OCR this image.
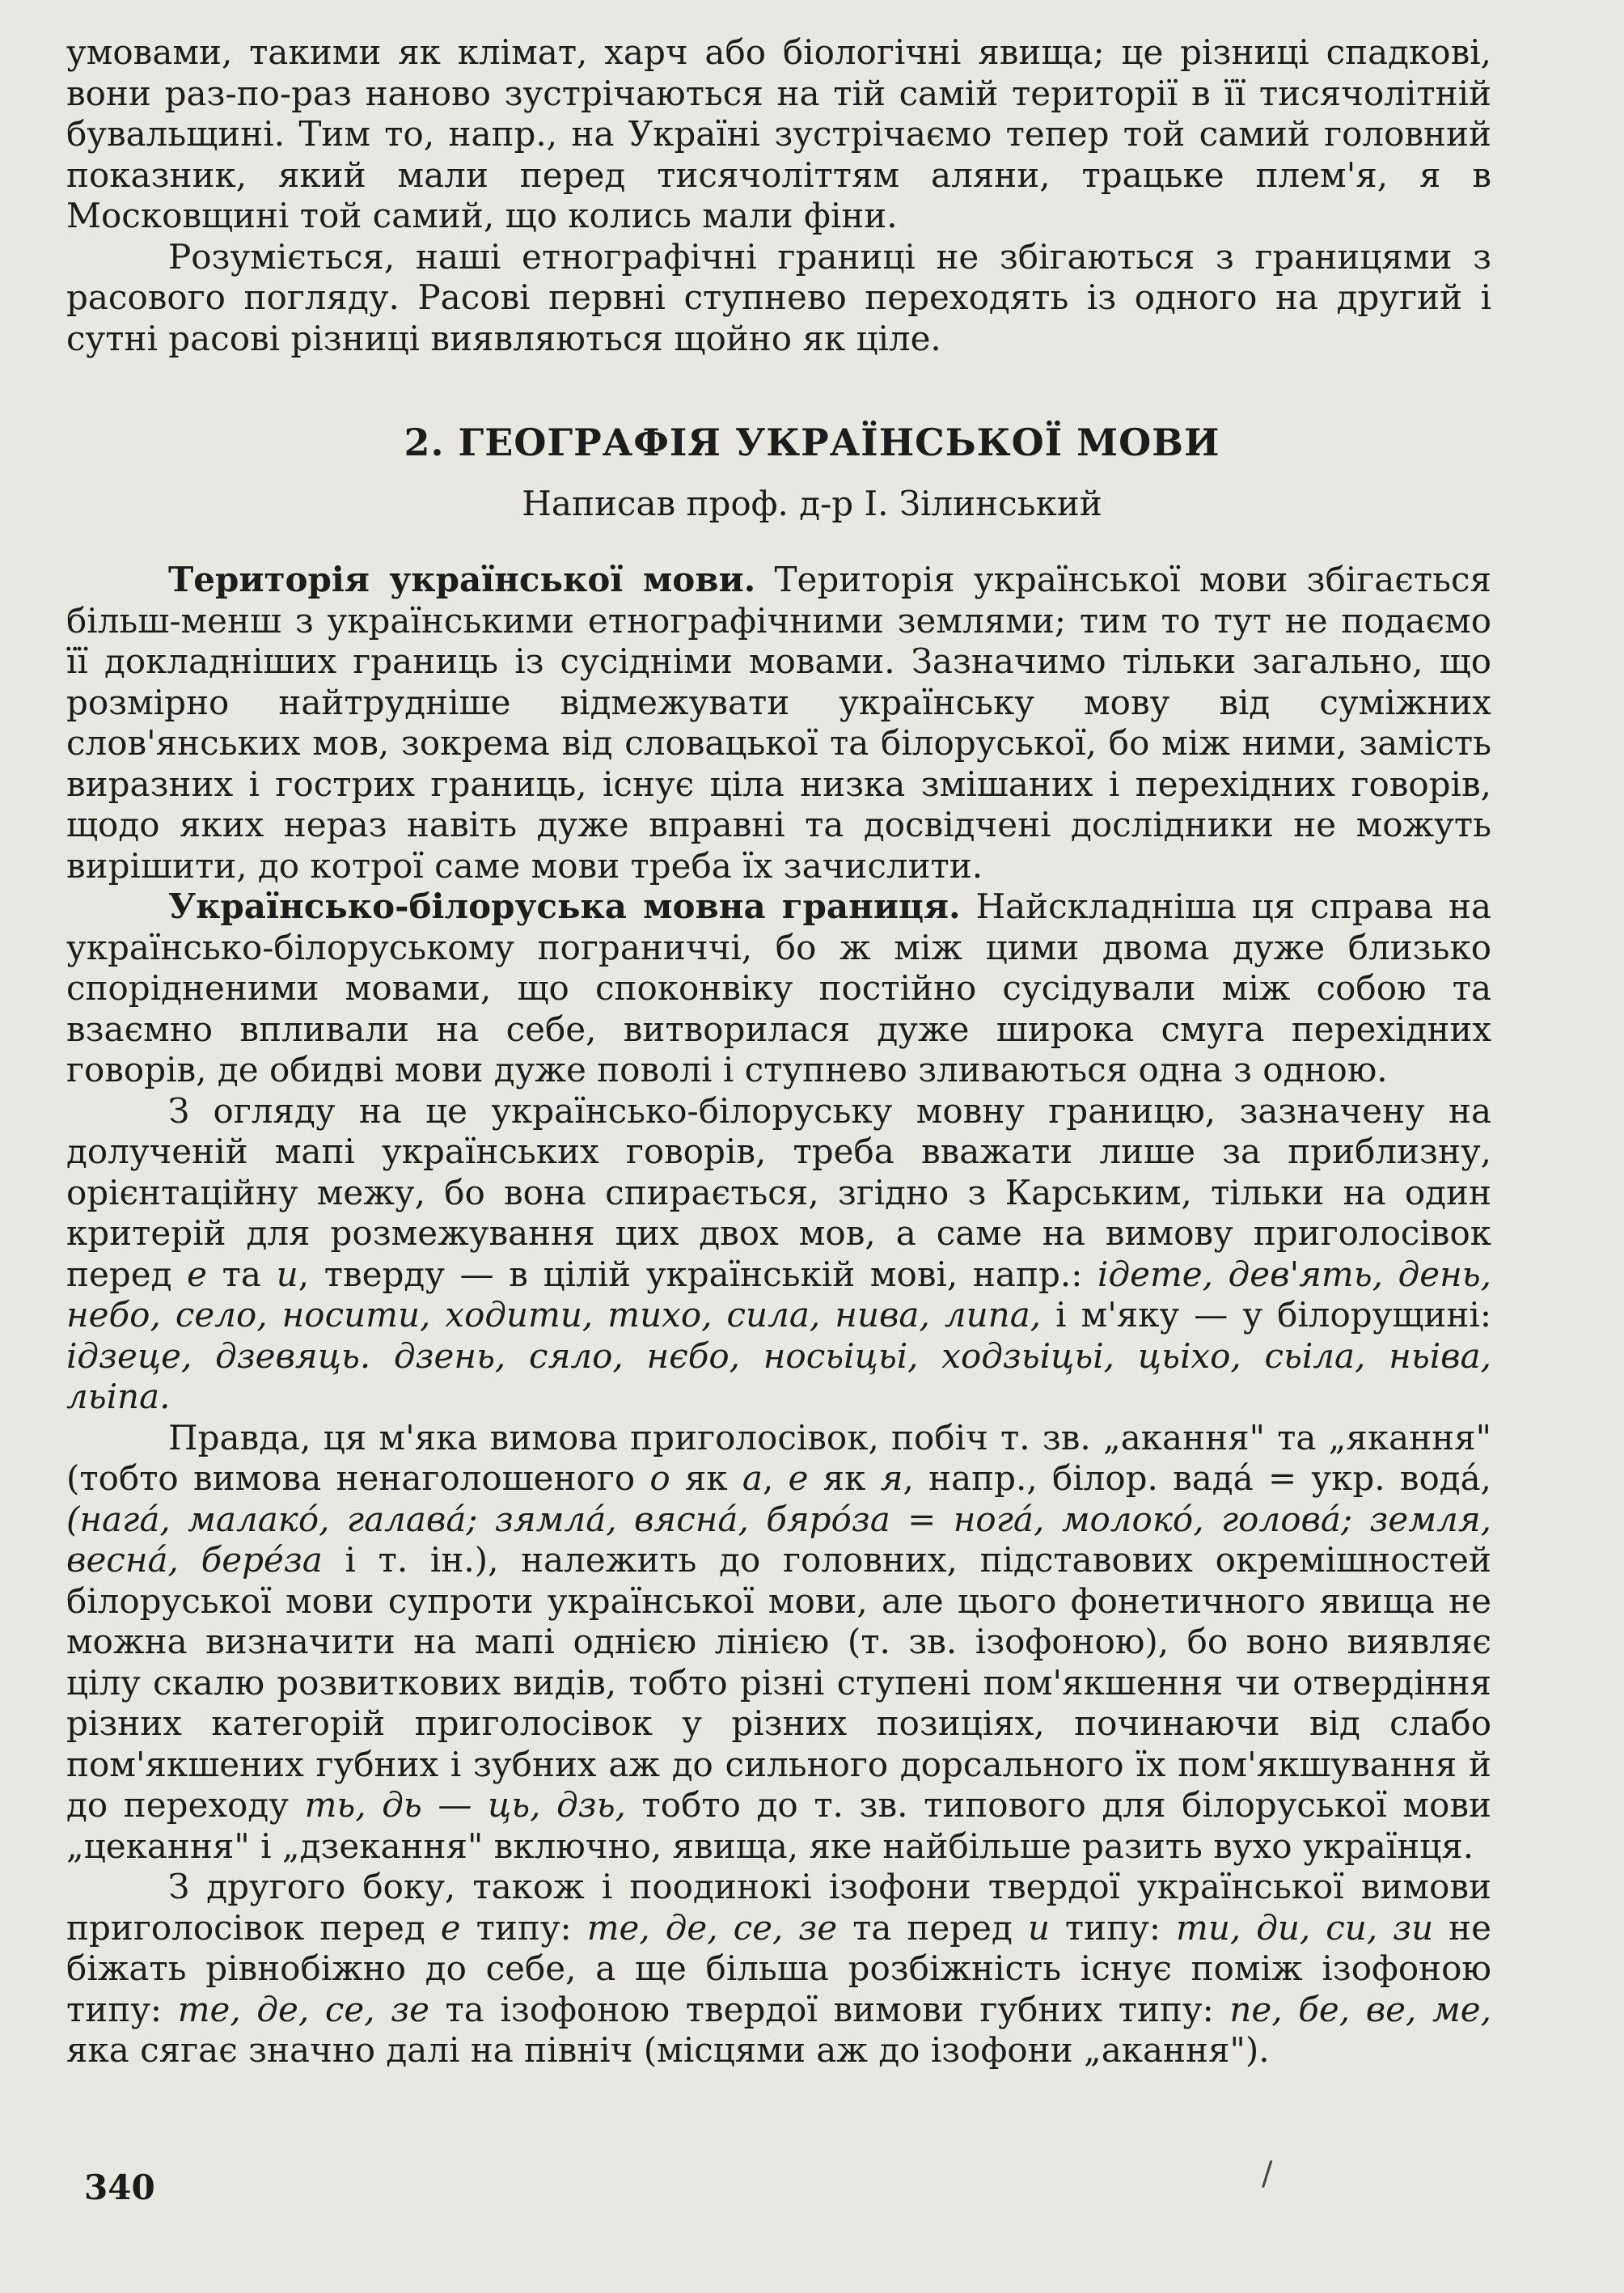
умовами, такими як клімат, харч або біологічні явища; це різниці спадкові, вони раз-по-раз наново зустрічаються на тій самій території в її тисячолітній бувальщині. Тим то, напр., на Україні зустрічаємо тепер той самий головний показник, який мали перед тисячоліттям аляни, трацьке плем'я, я в Московщині той самий, що колись мали фіни.

Розуміється, наші етнографічні границі не збігаються з границями з расового погляду. Расові первні ступнево переходять із одного на другий і сутні расові різниці виявляються щойно як ціле.

2. ГЕОГРАФІЯ УКРАЇНСЬКОЇ МОВИ
Написав проф. д-р І. Зілинський

Територія української мови. Територія української мови збігається більш-менш з українськими етнографічними землями; тим то тут не подаємо її докладніших границь із сусідніми мовами. Зазначимо тільки загально, що розмірно найтрудніше відмежувати українську мову від суміжних слов'янських мов, зокрема від словацької та білоруської, бо між ними, замість виразних і гострих границь, існує ціла низка змішаних і перехідних говорів, щодо яких нераз навіть дуже вправні та досвідчені дослідники не можуть вирішити, до котрої саме мови треба їх зачислити.

Українсько-білоруська мовна границя. Найскладніша ця справа на українсько-білоруському пограниччі, бо ж між цими двома дуже близько спорідненими мовами, що споконвіку постійно сусідували між собою та взаємно впливали на себе, витворилася дуже широка смуга перехідних говорів, де обидві мови дуже поволі і ступнево зливаються одна з одною.

З огляду на це українсько-білоруську мовну границю, зазначену на долученій мапі українських говорів, треба вважати лише за приблизну, орієнтаційну межу, бо вона спирається, згідно з Карським, тільки на один критерій для розмежування цих двох мов, а саме на вимову приголосівок перед е та и, тверду — в цілій українській мові, напр.: ідете, дев'ять, день, небо, село, носити, ходити, тихо, сила, нива, липа, і м'яку — у білорущині: ідзеце, дзевяць. дзень, сяло, нєбо, носьіцьі, ходзьіцьі, цьіхо, сьіла, ньіва, льіпа.

Правда, ця м'яка вимова приголосівок, побіч т. зв. „акання" та „якання" (тобто вимова ненаголошеного о як а, е як я, напр., білор. вадá = укр. водá, (нагá, малакó, галавá; зямлá, вяснá, бярóза = ногá, молокó, головá; земля, веснá, берéза і т. ін.), належить до головних, підставових окремішностей білоруської мови супроти української мови, але цього фонетичного явища не можна визначити на мапі однією лінією (т. зв. ізофоною), бо воно виявляє цілу скалю розвиткових видів, тобто різні ступені пом'якшення чи отвердіння різних категорій приголосівок у різних позиціях, починаючи від слабо пом'якшених губних і зубних аж до сильного дорсального їх пом'якшування й до переходу ть, дь — ць, дзь, тобто до т. зв. типового для білоруської мови „цекання" і „дзекання" включно, явища, яке найбільше разить вухо українця.

З другого боку, також і поодинокі ізофони твердої української вимови приголосівок перед е типу: те, де, се, зе та перед и типу: ти, ди, си, зи не біжать рівнобіжно до себе, а ще більша розбіжність існує поміж ізофоною типу: те, де, се, зе та ізофоною твердої вимови губних типу: пе, бе, ве, ме, яка сягає значно далі на північ (місцями аж до ізофони „акання").

340	/
